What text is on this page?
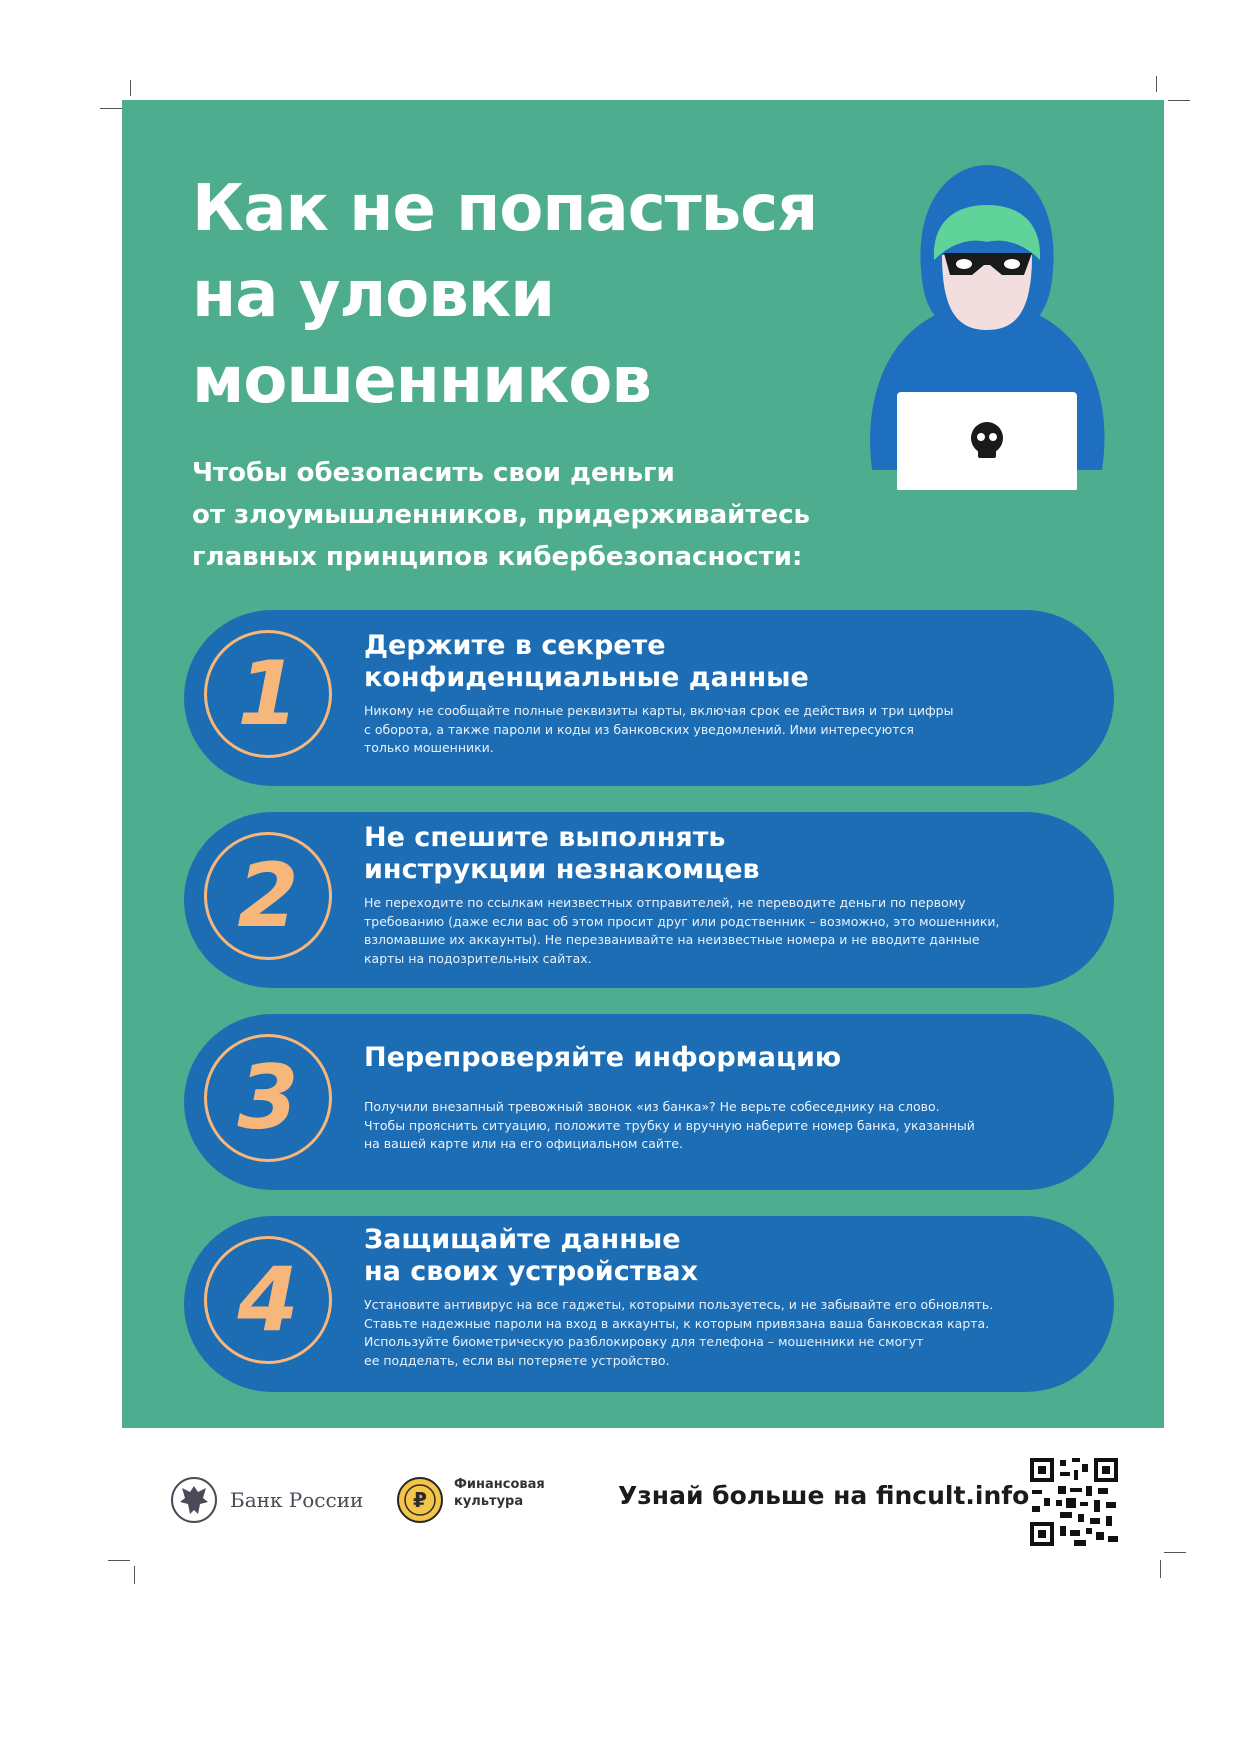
Как не попасться
на уловки
мошенников
Чтобы обезопасить свои деньги
от злоумышленников, придерживайтесь
главных принципов кибербезопасности:
1	Держите в секрете
конфиденциальные данные
Никому не сообщайте полные реквизиты карты, включая срок ее действия и три цифры
с оборота, а также пароли и коды из банковских уведомлений. Ими интересуются
только мошенники.
2
Не спешите выполнять
инструкции незнакомцев
Не переходите по ссылкам неизвестных отправителей, не переводите деньги по первому
требованию (даже если вас об этом просит друг или родственник – возможно, это мошенники,
взломавшие их аккаунты). Не перезванивайте на неизвестные номера и не вводите данные
карты на подозрительных сайтах.
3	Перепроверяйте информацию
Получили внезапный тревожный звонок «из банка»? Не верьте собеседнику на слово.
Чтобы прояснить ситуацию, положите трубку и вручную наберите номер банка, указанный
на вашей карте или на его официальном сайте.
4
Защищайте данные
на своих устройствах
Установите антивирус на все гаджеты, которыми пользуетесь, и не забывайте его обновлять.
Ставьте надежные пароли на вход в аккаунты, к которым привязана ваша банковская карта.
Используйте биометрическую разблокировку для телефона – мошенники не смогут
ее подделать, если вы потеряете устройство.
Банк России	₽
Финансовая
культура	Узнай больше на fincult.info
